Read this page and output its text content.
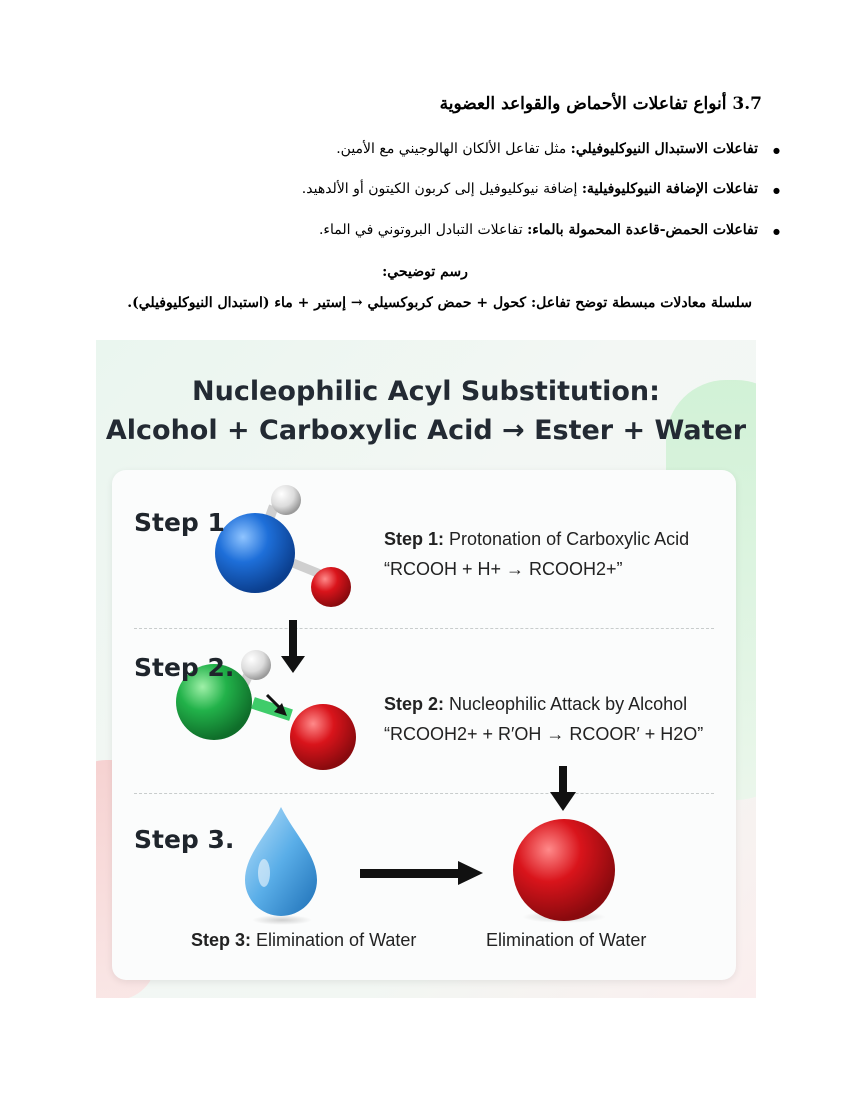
3.7 أنواع تفاعلات الأحماض والقواعد العضوية
● تفاعلات الاستبدال النيوكليوفيلي: مثل تفاعل الألكان الهالوجيني مع الأمين.
● تفاعلات الإضافة النيوكليوفيلية: إضافة نيوكليوفيل إلى كربون الكيتون أو الألدهيد.
● تفاعلات الحمض-قاعدة المحمولة بالماء: تفاعلات التبادل البروتوني في الماء.
رسم توضيحي:
سلسلة معادلات مبسطة توضح تفاعل: كحول + حمض كربوكسيلي → إستير + ماء (استبدال النيوكليوفيلي).
Nucleophilic Acyl Substitution:
Alcohol + Carboxylic Acid → Ester + Water
Step 1
Step 2.
Step 3.
Step 1: Protonation of Carboxylic Acid
“RCOOH + H+ → RCOOH2+”
Step 2: Nucleophilic Attack by Alcohol
“RCOOH2+ + R′OH → RCOOR′ + H2O”
Step 3: Elimination of Water	Elimination of Water
